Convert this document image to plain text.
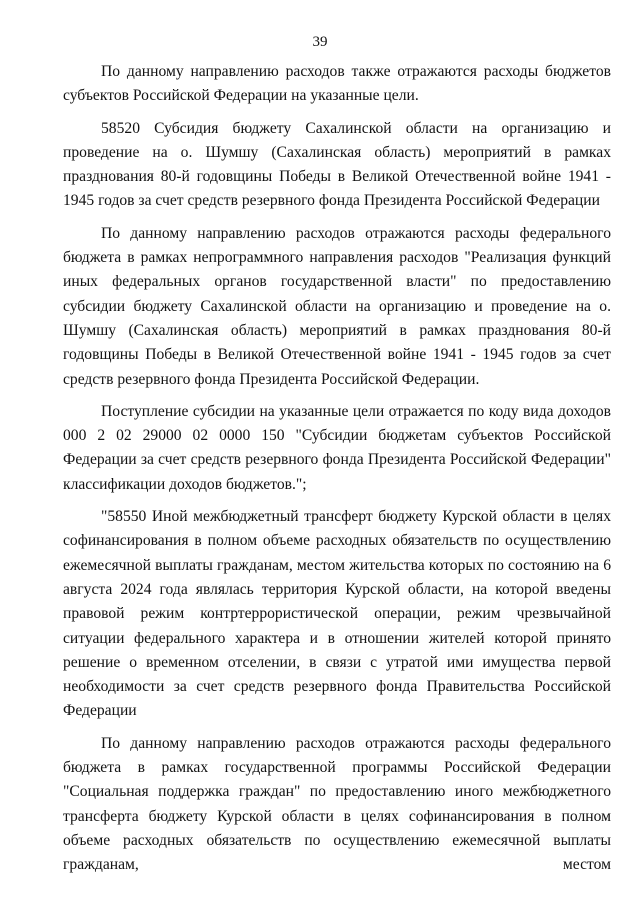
39

По данному направлению расходов также отражаются расходы бюджетов субъектов Российской Федерации на указанные цели.

58520 Субсидия бюджету Сахалинской области на организацию и проведение на о. Шумшу (Сахалинская область) мероприятий в рамках празднования 80-й годовщины Победы в Великой Отечественной войне 1941 - 1945 годов за счет средств резервного фонда Президента Российской Федерации

По данному направлению расходов отражаются расходы федерального бюджета в рамках непрограммного направления расходов "Реализация функций иных федеральных органов государственной власти" по предоставлению субсидии бюджету Сахалинской области на организацию и проведение на о. Шумшу (Сахалинская область) мероприятий в рамках празднования 80-й годовщины Победы в Великой Отечественной войне 1941 - 1945 годов за счет средств резервного фонда Президента Российской Федерации.

Поступление субсидии на указанные цели отражается по коду вида доходов 000 2 02 29000 02 0000 150 "Субсидии бюджетам субъектов Российской Федерации за счет средств резервного фонда Президента Российской Федерации" классификации доходов бюджетов.";

"58550 Иной межбюджетный трансферт бюджету Курской области в целях софинансирования в полном объеме расходных обязательств по осуществлению ежемесячной выплаты гражданам, местом жительства которых по состоянию на 6 августа 2024 года являлась территория Курской области, на которой введены правовой режим контртеррористической операции, режим чрезвычайной ситуации федерального характера и в отношении жителей которой принято решение о временном отселении, в связи с утратой ими имущества первой необходимости за счет средств резервного фонда Правительства Российской Федерации

По данному направлению расходов отражаются расходы федерального бюджета в рамках государственной программы Российской Федерации "Социальная поддержка граждан" по предоставлению иного межбюджетного трансферта бюджету Курской области в целях софинансирования в полном объеме расходных обязательств по осуществлению ежемесячной выплаты гражданам, местом
